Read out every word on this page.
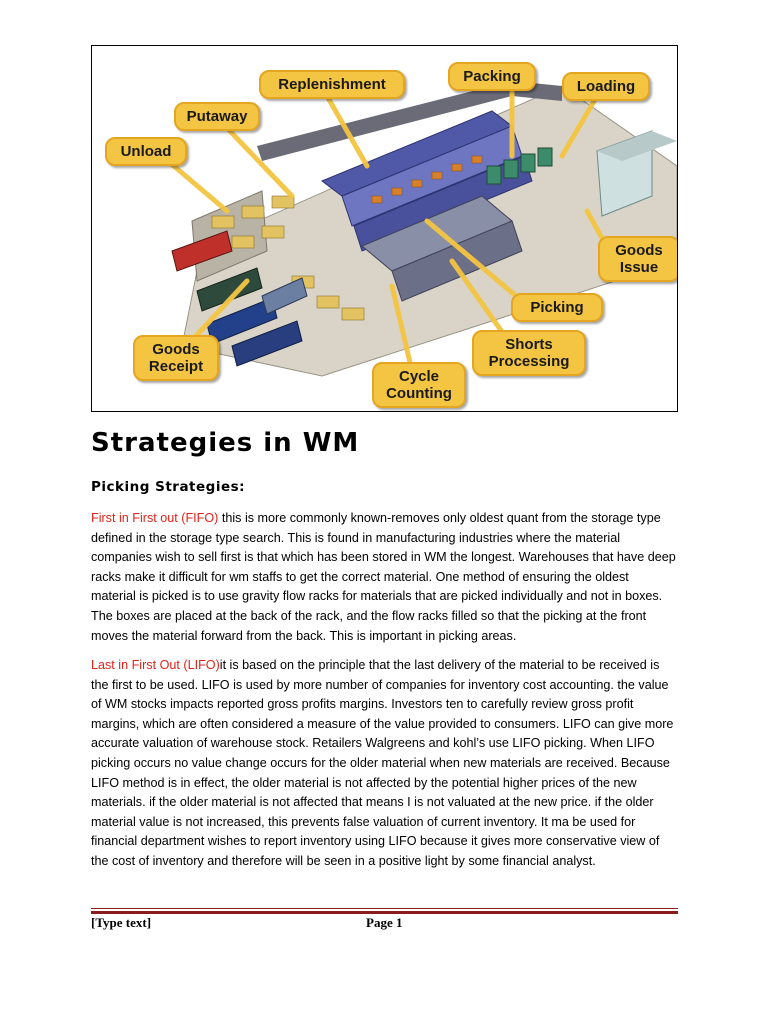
Unload
Putaway
Replenishment	Packing
Loading
Goods
Issue
Picking
Shorts
Processing
Cycle
Counting
Goods
Receipt
Strategies in WM
Picking Strategies:

First in First out (FIFO) this is more commonly known-removes only oldest quant from the storage type defined in the storage type search. This is found in manufacturing industries where the material companies wish to sell first is that which has been stored in WM the longest. Warehouses that have deep racks make it difficult for wm staffs to get the correct material. One method of ensuring the oldest material is picked is to use gravity flow racks for materials that are picked individually and not in boxes. The boxes are placed at the back of the rack, and the flow racks filled so that the picking at the front moves the material forward from the back. This is important in picking areas.

Last in First Out (LIFO)it is based on the principle that the last delivery of the material to be received is the first to be used. LIFO is used by more number of companies for inventory cost accounting. the value of WM stocks impacts reported gross profits margins. Investors ten to carefully review gross profit margins, which are often considered a measure of the value provided to consumers. LIFO can give more accurate valuation of warehouse stock. Retailers Walgreens and kohl’s use LIFO picking. When LIFO picking occurs no value change occurs for the older material when new materials are received. Because LIFO method is in effect, the older material is not affected by the potential higher prices of the new materials. if the older material is not affected that means I is not valuated at the new price. if the older material value is not increased, this prevents false valuation of current inventory. It ma be used for financial department wishes to report inventory using LIFO because it gives more conservative view of the cost of inventory and therefore will be seen in a positive light by some financial analyst.

[Type text]	Page 1
